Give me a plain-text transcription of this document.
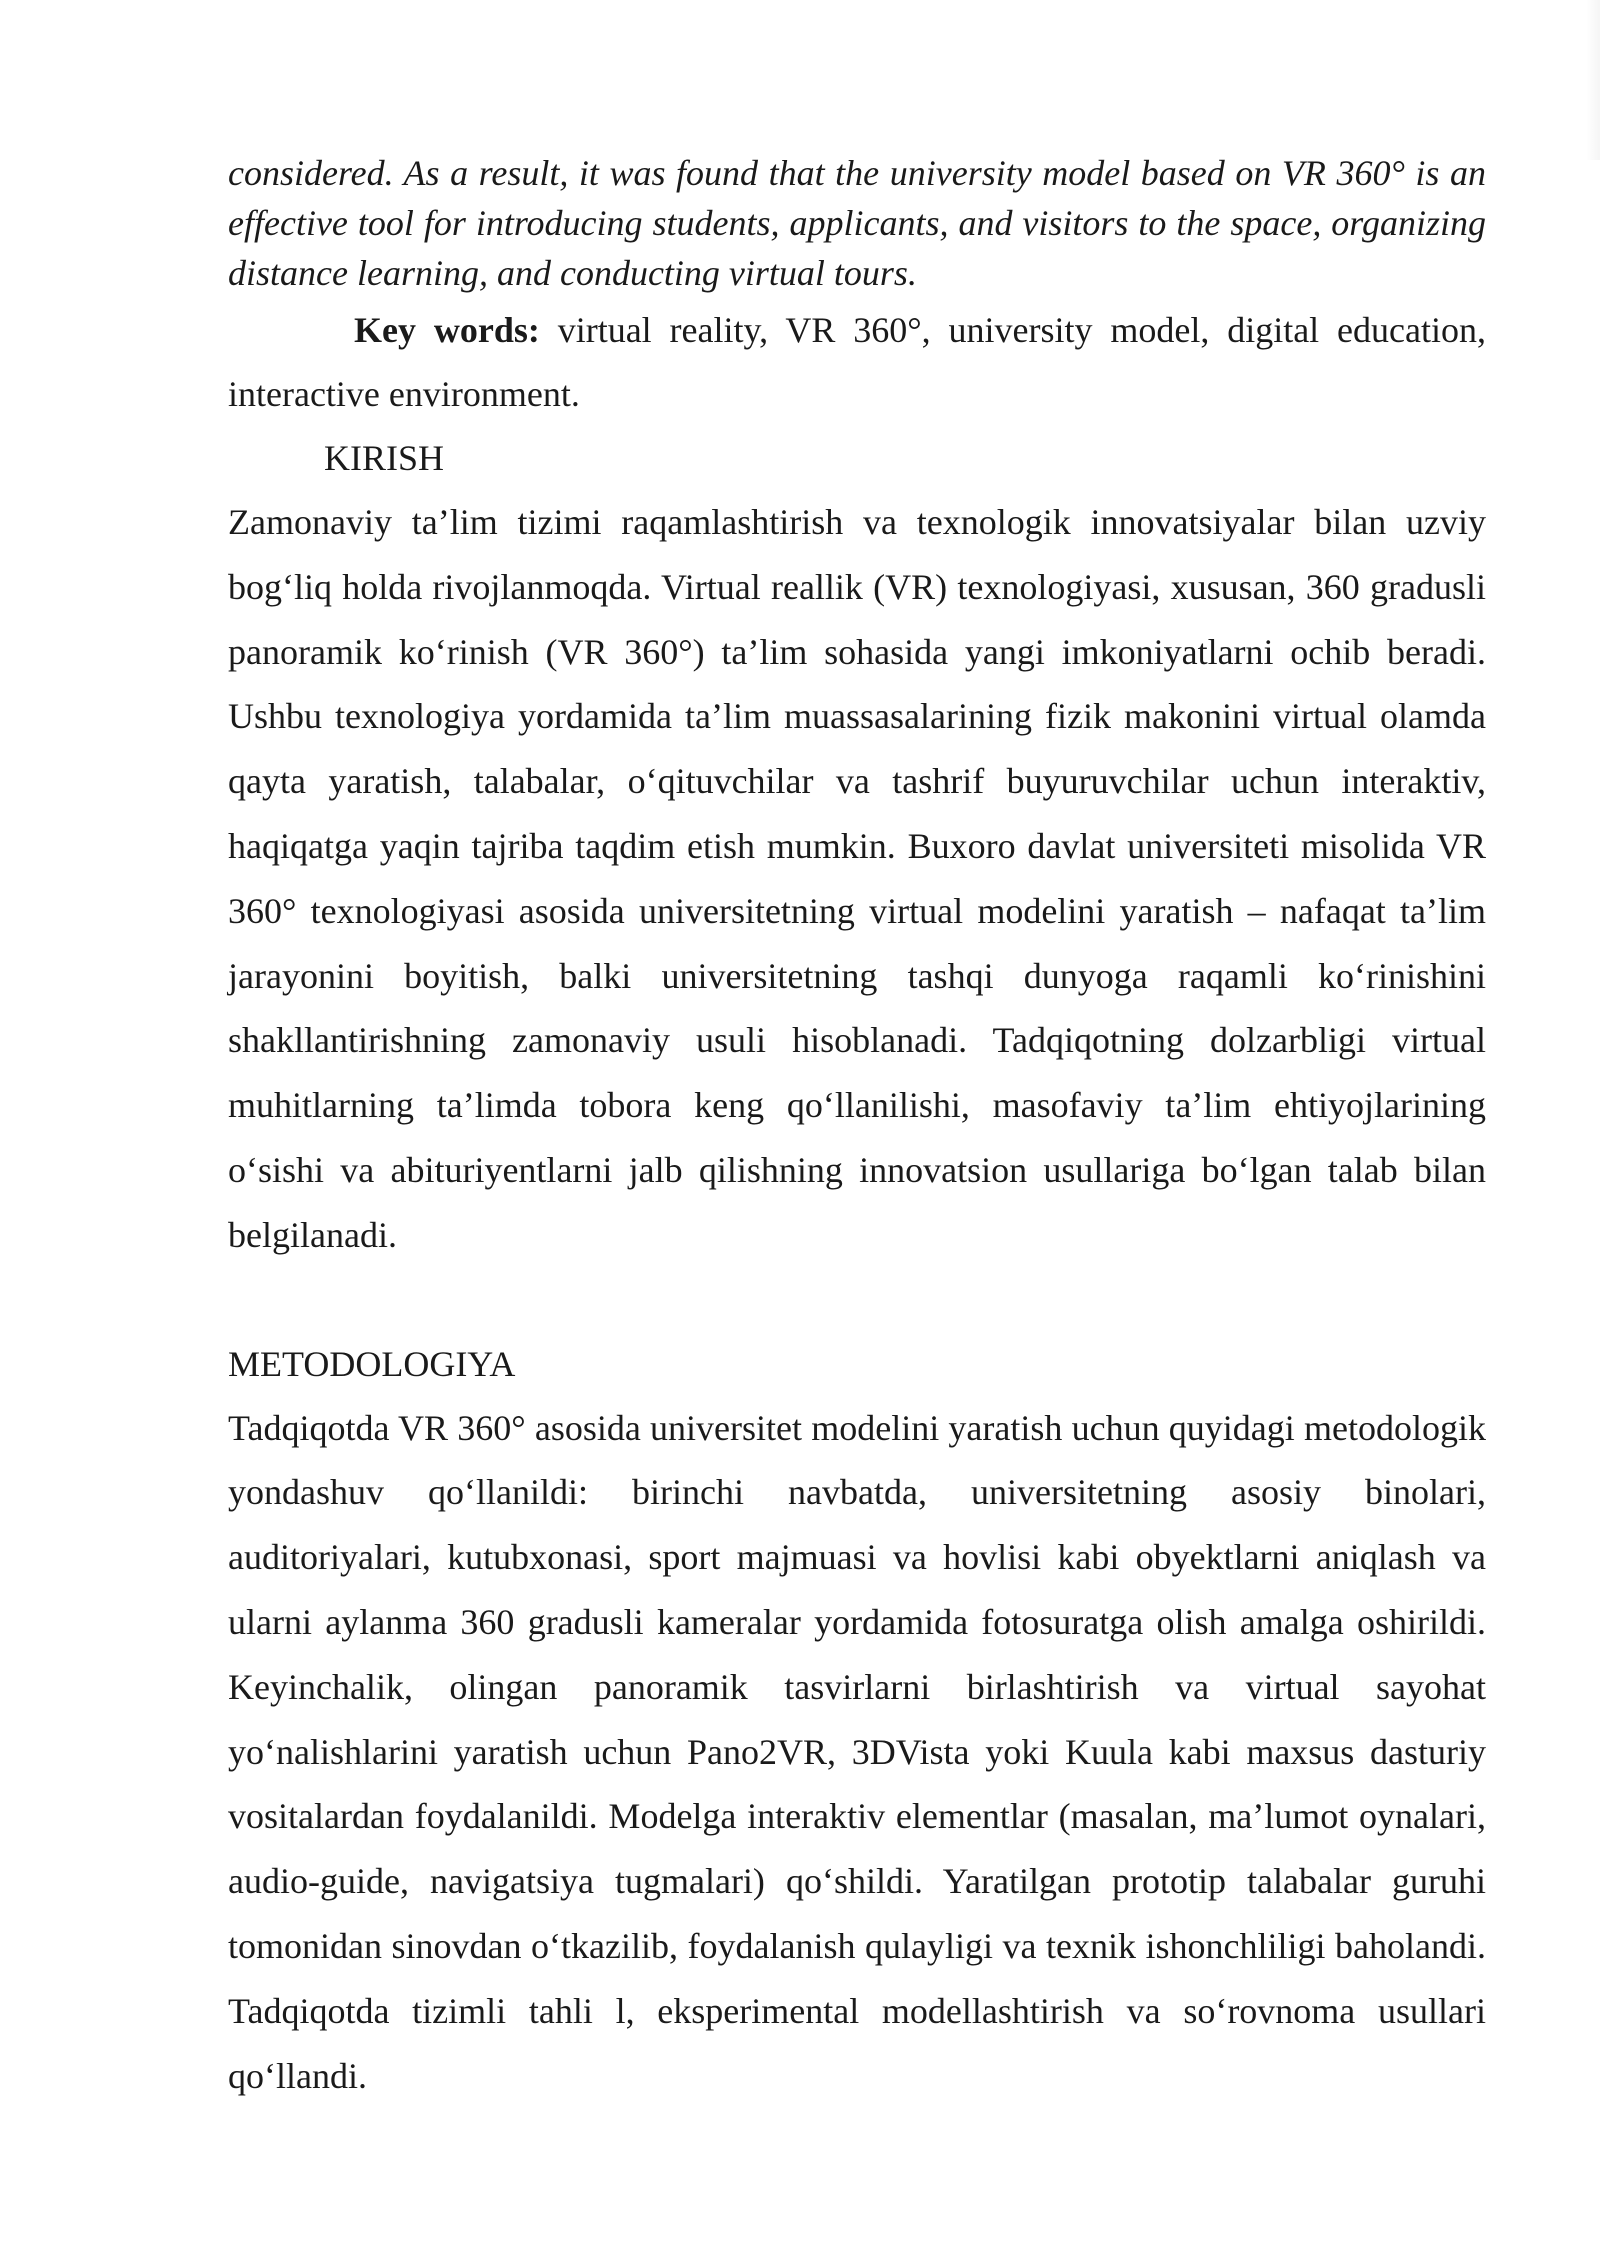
considered. As a result, it was found that the university model based on VR 360° is an effective tool for introducing students, applicants, and visitors to the space, organizing distance learning, and conducting virtual tours.

Key words: virtual reality, VR 360°, university model, digital education, interactive environment.

KIRISH

Zamonaviy ta’lim tizimi raqamlashtirish va texnologik innovatsiyalar bilan uzviy bog‘liq holda rivojlanmoqda. Virtual reallik (VR) texnologiyasi, xususan, 360 gradusli panoramik ko‘rinish (VR 360°) ta’lim sohasida yangi imkoniyatlarni ochib beradi. Ushbu texnologiya yordamida ta’lim muassasalarining fizik makonini virtual olamda qayta yaratish, talabalar, o‘qituvchilar va tashrif buyuruvchilar uchun interaktiv, haqiqatga yaqin tajriba taqdim etish mumkin. Buxoro davlat universiteti misolida VR 360° texnologiyasi asosida universitetning virtual modelini yaratish – nafaqat ta’lim jarayonini boyitish, balki universitetning tashqi dunyoga raqamli ko‘rinishini shakllantirishning zamonaviy usuli hisoblanadi. Tadqiqotning dolzarbligi virtual muhitlarning ta’limda tobora keng qo‘llanilishi, masofaviy ta’lim ehtiyojlarining o‘sishi va abituriyentlarni jalb qilishning innovatsion usullariga bo‘lgan talab bilan belgilanadi.

METODOLOGIYA

Tadqiqotda VR 360° asosida universitet modelini yaratish uchun quyidagi metodologik yondashuv qo‘llanildi: birinchi navbatda, universitetning asosiy binolari, auditoriyalari, kutubxonasi, sport majmuasi va hovlisi kabi obyektlarni aniqlash va ularni aylanma 360 gradusli kameralar yordamida fotosuratga olish amalga oshirildi. Keyinchalik, olingan panoramik tasvirlarni birlashtirish va virtual sayohat yo‘nalishlarini yaratish uchun Pano2VR, 3DVista yoki Kuula kabi maxsus dasturiy vositalardan foydalanildi. Modelga interaktiv elementlar (masalan, ma’lumot oynalari, audio-guide, navigatsiya tugmalari) qo‘shildi. Yaratilgan prototip talabalar guruhi tomonidan sinovdan o‘tkazilib, foydalanish qulayligi va texnik ishonchliligi baholandi. Tadqiqotda tizimli tahli l, eksperimental modellashtirish va so‘rovnoma usullari qo‘llandi.
